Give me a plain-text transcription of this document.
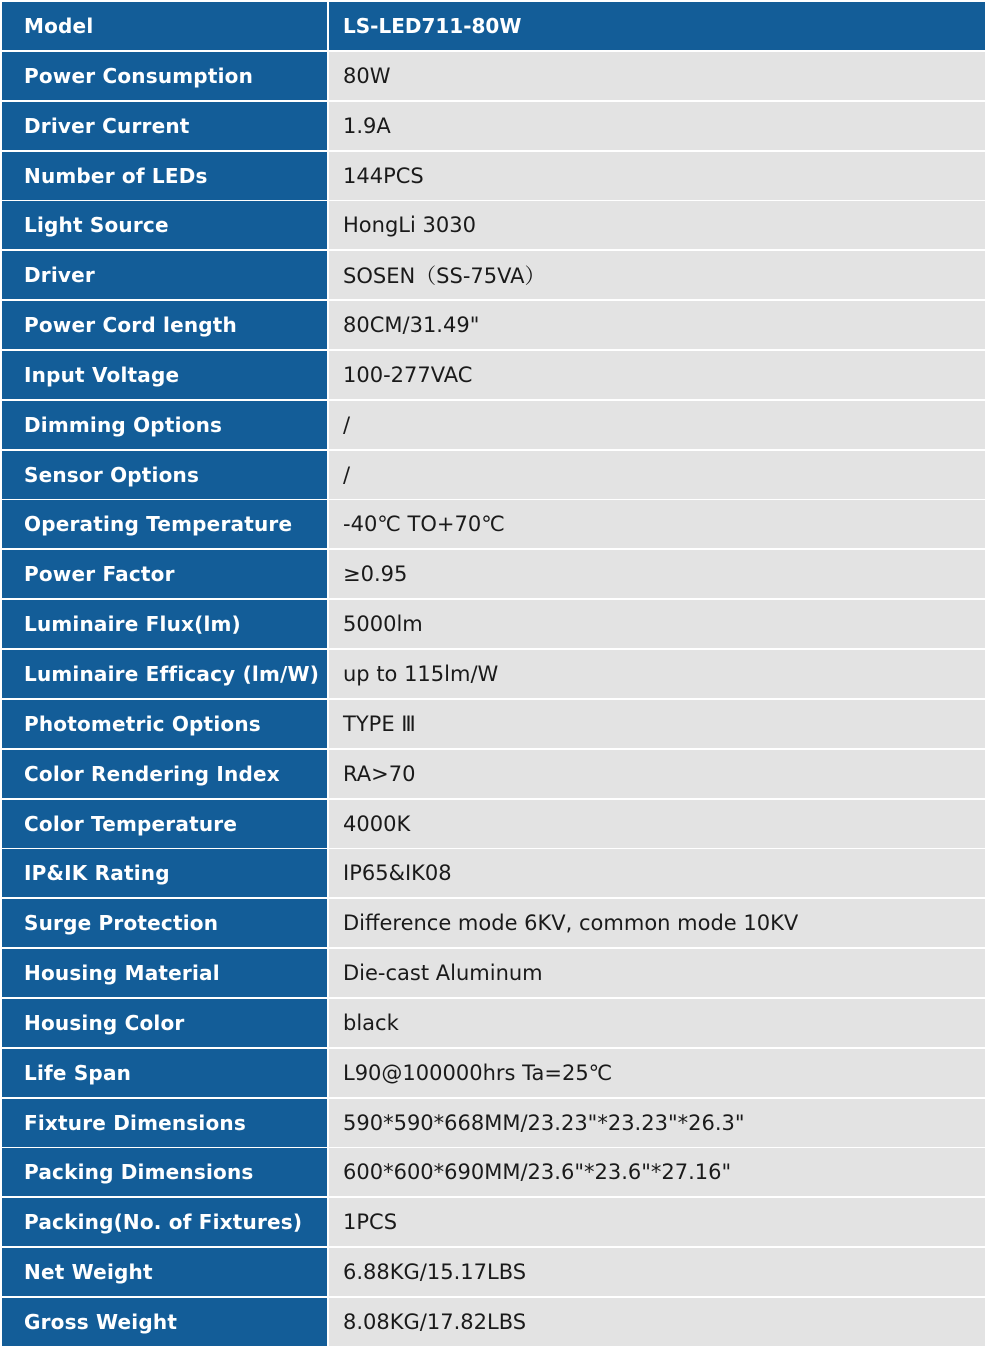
Model	LS-LED711-80W
Power Consumption	80W
Driver Current	1.9A
Number of LEDs	144PCS
Light Source	HongLi 3030
Driver	SOSEN（SS-75VA）
Power Cord length	80CM/31.49"
Input Voltage	100-277VAC
Dimming Options	/
Sensor Options	/
Operating Temperature	-40℃ TO+70℃
Power Factor	≥0.95
Luminaire Flux(lm)	5000lm
Luminaire Efficacy (lm/W)	up to 115lm/W
Photometric Options	TYPE Ⅲ
Color Rendering Index	RA>70
Color Temperature	4000K
IP&IK Rating	IP65&IK08
Surge Protection	Difference mode 6KV, common mode 10KV
Housing Material	Die-cast Aluminum
Housing Color	black
Life Span	L90@100000hrs Ta=25℃
Fixture Dimensions	590*590*668MM/23.23"*23.23"*26.3"
Packing Dimensions	600*600*690MM/23.6"*23.6"*27.16"
Packing(No. of Fixtures)	1PCS
Net Weight	6.88KG/15.17LBS
Gross Weight	8.08KG/17.82LBS
